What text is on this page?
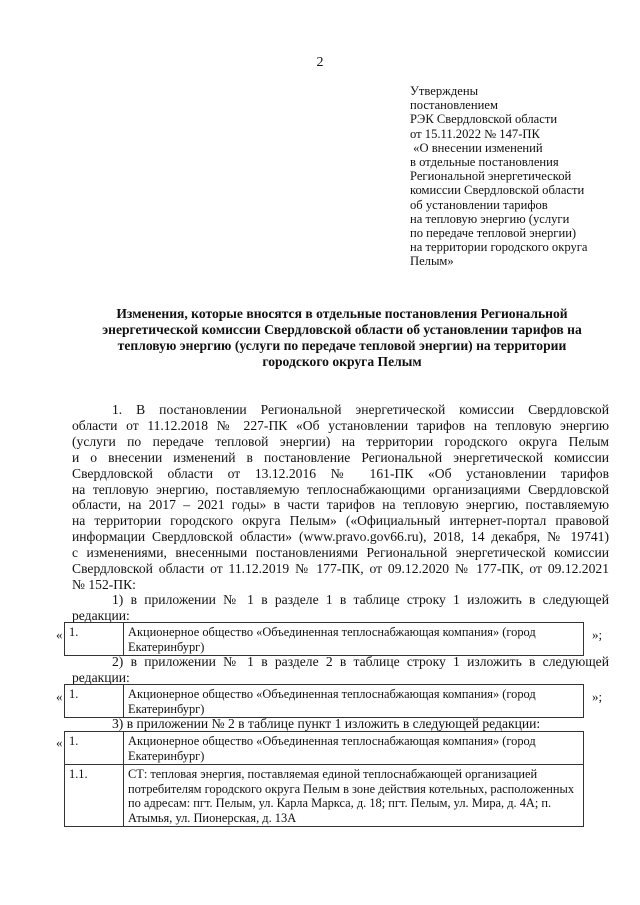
2
Утверждены
постановлением
РЭК Свердловской области
от 15.11.2022 № 147-ПК
«О внесении изменений
в отдельные постановления
Региональной энергетической
комиссии Свердловской области
об установлении тарифов
на тепловую энергию (услуги
по передаче тепловой энергии)
на территории городского округа
Пелым»
Изменения, которые вносятся в отдельные постановления Региональной
энергетической комиссии Свердловской области об установлении тарифов на
тепловую энергию (услуги по передаче тепловой энергии) на территории
городского округа Пелым
1. В постановлении Региональной энергетической комиссии Свердловской
области от 11.12.2018 № 227-ПК «Об установлении тарифов на тепловую энергию
(услуги по передаче тепловой энергии) на территории городского округа Пелым
и о внесении изменений в постановление Региональной энергетической комиссии
Свердловской области от 13.12.2016 № 161-ПК «Об установлении тарифов
на тепловую энергию, поставляемую теплоснабжающими организациями Свердловской
области, на 2017 – 2021 годы» в части тарифов на тепловую энергию, поставляемую
на территории городского округа Пелым» («Официальный интернет-портал правовой
информации Свердловской области» (www.pravo.gov66.ru), 2018, 14 декабря, № 19741)
с изменениями, внесенными постановлениями Региональной энергетической комиссии
Свердловской области от 11.12.2019 № 177-ПК, от 09.12.2020 № 177-ПК, от 09.12.2021
№ 152-ПК:
1) в приложении № 1 в разделе 1 в таблице строку 1 изложить в следующей
редакции:
« 1.	Акционерное общество «Объединенная теплоснабжающая компания» (город Екатеринбург)
»;
2) в приложении № 1 в разделе 2 в таблице строку 1 изложить в следующей
редакции:
« 1.	Акционерное общество «Объединенная теплоснабжающая компания» (город Екатеринбург)
»;
3) в приложении № 2 в таблице пункт 1 изложить в следующей редакции:
« 1.	Акционерное общество «Объединенная теплоснабжающая компания» (город Екатеринбург)
1.1.	СТ: тепловая энергия, поставляемая единой теплоснабжающей организацией потребителям городского округа Пелым в зоне действия котельных, расположенных по адресам: пгт. Пелым, ул. Карла Маркса, д. 18; пгт. Пелым, ул. Мира, д. 4А; п. Атымья, ул. Пионерская, д. 13А
